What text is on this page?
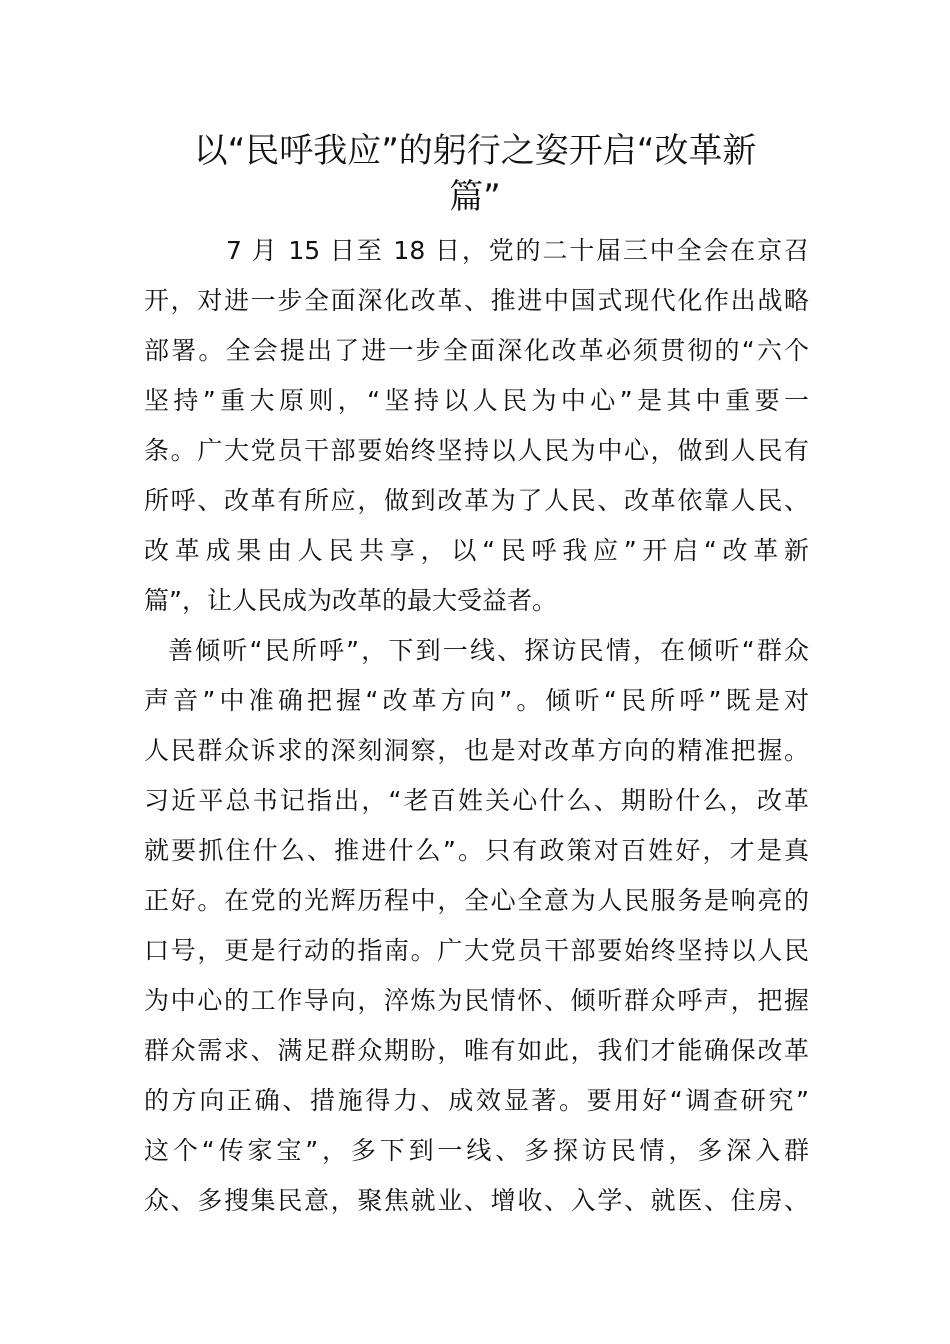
以“民呼我应”的躬行之姿开启“改革新
篇”
7 月 15 日至 18 日，党的二十届三中全会在京召
开，对进一步全面深化改革、推进中国式现代化作出战略
部署。全会提出了进一步全面深化改革必须贯彻的“六个
坚持”重大原则，“坚持以人民为中心”是其中重要一
条。广大党员干部要始终坚持以人民为中心，做到人民有
所呼、改革有所应，做到改革为了人民、改革依靠人民、
改革成果由人民共享，以“民呼我应”开启“改革新
篇”，让人民成为改革的最大受益者。
善倾听“民所呼”，下到一线、探访民情，在倾听“群众
声音”中准确把握“改革方向”。倾听“民所呼”既是对
人民群众诉求的深刻洞察，也是对改革方向的精准把握。
习近平总书记指出，“老百姓关心什么、期盼什么，改革
就要抓住什么、推进什么”。只有政策对百姓好，才是真
正好。在党的光辉历程中，全心全意为人民服务是响亮的
口号，更是行动的指南。广大党员干部要始终坚持以人民
为中心的工作导向，淬炼为民情怀、倾听群众呼声，把握
群众需求、满足群众期盼，唯有如此，我们才能确保改革
的方向正确、措施得力、成效显著。要用好“调查研究”
这个“传家宝”，多下到一线、多探访民情，多深入群
众、多搜集民意，聚焦就业、增收、入学、就医、住房、
